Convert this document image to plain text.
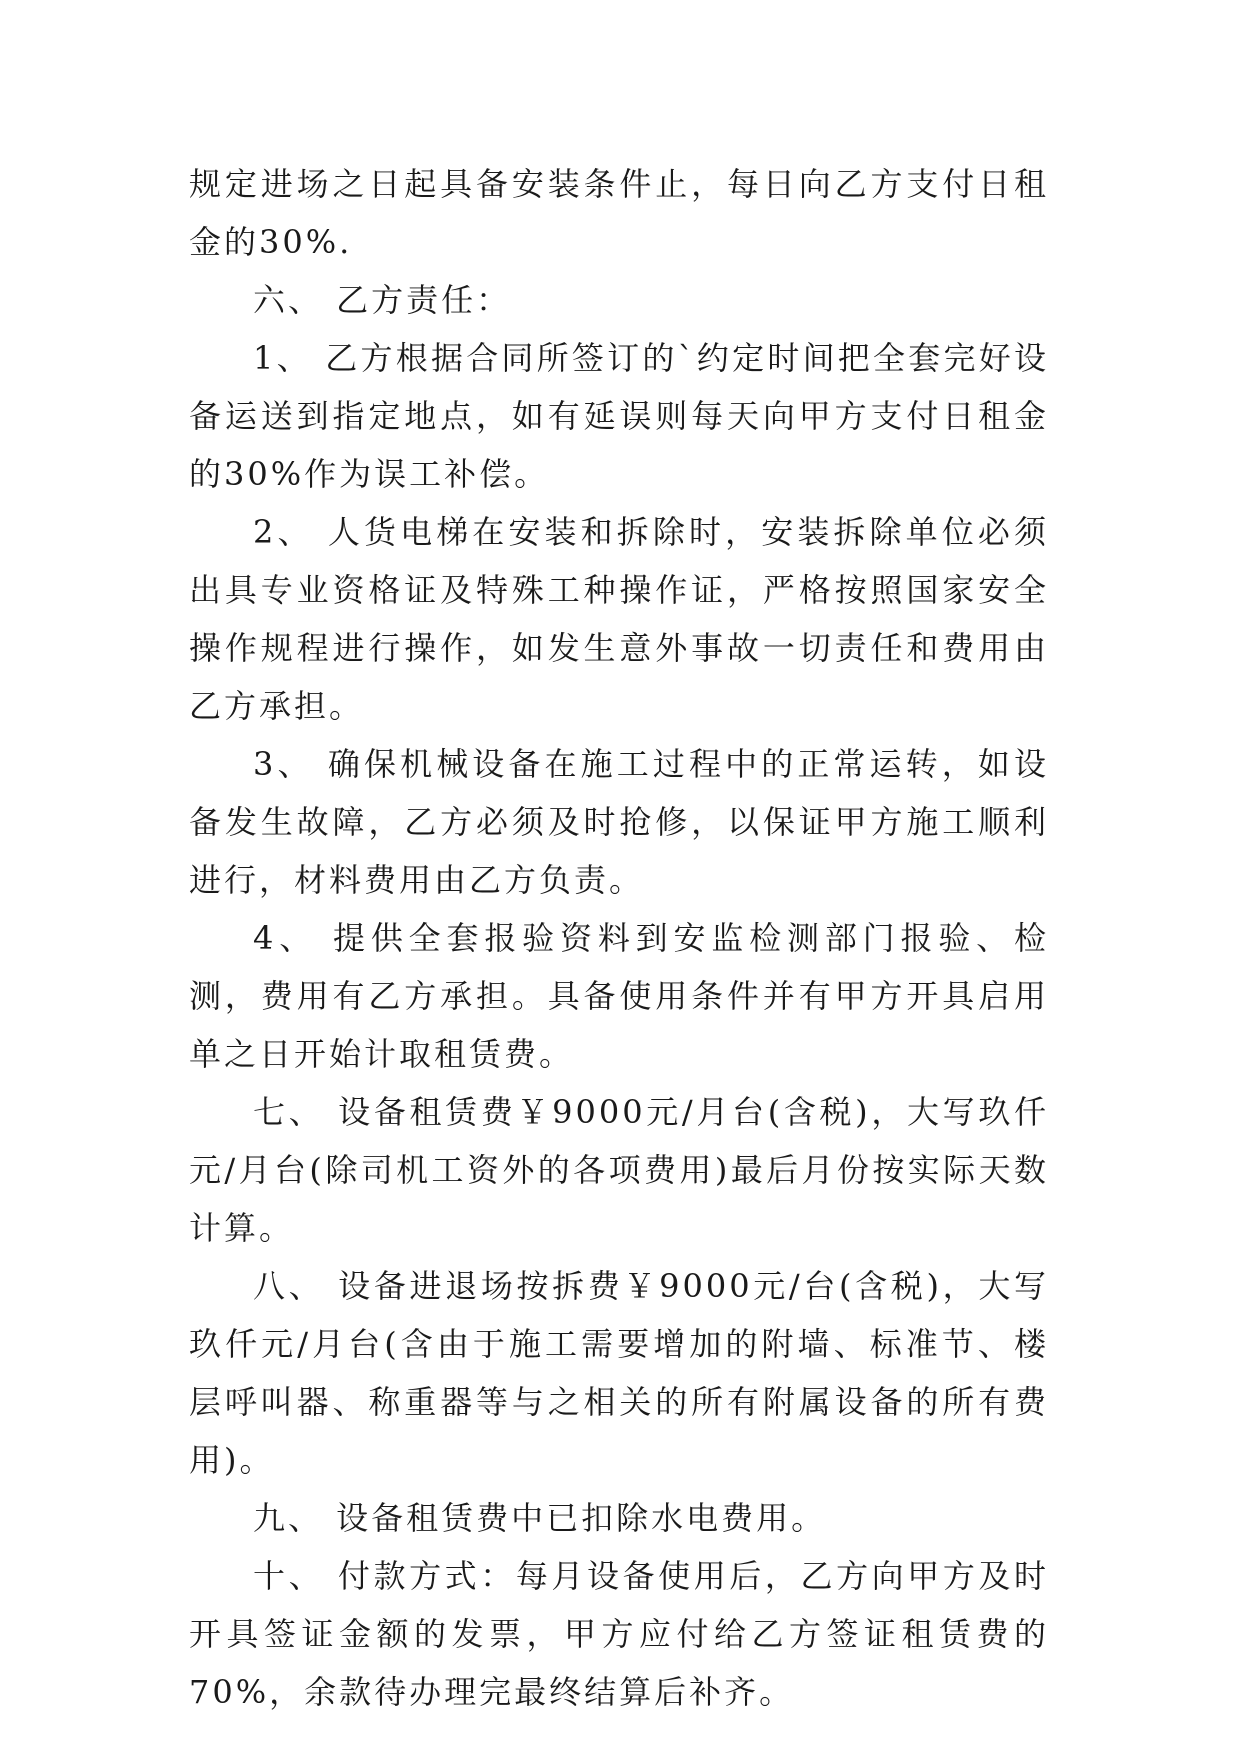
规定进场之日起具备安装条件止，每日向乙方支付日租金的30%.

六、 乙方责任：

1、 乙方根据合同所签订的`约定时间把全套完好设备运送到指定地点，如有延误则每天向甲方支付日租金的30%作为误工补偿。

2、 人货电梯在安装和拆除时，安装拆除单位必须出具专业资格证及特殊工种操作证，严格按照国家安全操作规程进行操作，如发生意外事故一切责任和费用由乙方承担。

3、 确保机械设备在施工过程中的正常运转，如设备发生故障，乙方必须及时抢修，以保证甲方施工顺利进行，材料费用由乙方负责。

4、 提供全套报验资料到安监检测部门报验、检测，费用有乙方承担。具备使用条件并有甲方开具启用单之日开始计取租赁费。

七、 设备租赁费￥9000元/月台(含税)，大写玖仟元/月台(除司机工资外的各项费用)最后月份按实际天数计算。

八、 设备进退场按拆费￥9000元/台(含税)，大写玖仟元/月台(含由于施工需要增加的附墙、标准节、楼层呼叫器、称重器等与之相关的所有附属设备的所有费用)。

九、 设备租赁费中已扣除水电费用。

十、 付款方式：每月设备使用后，乙方向甲方及时开具签证金额的发票，甲方应付给乙方签证租赁费的70%，余款待办理完最终结算后补齐。
